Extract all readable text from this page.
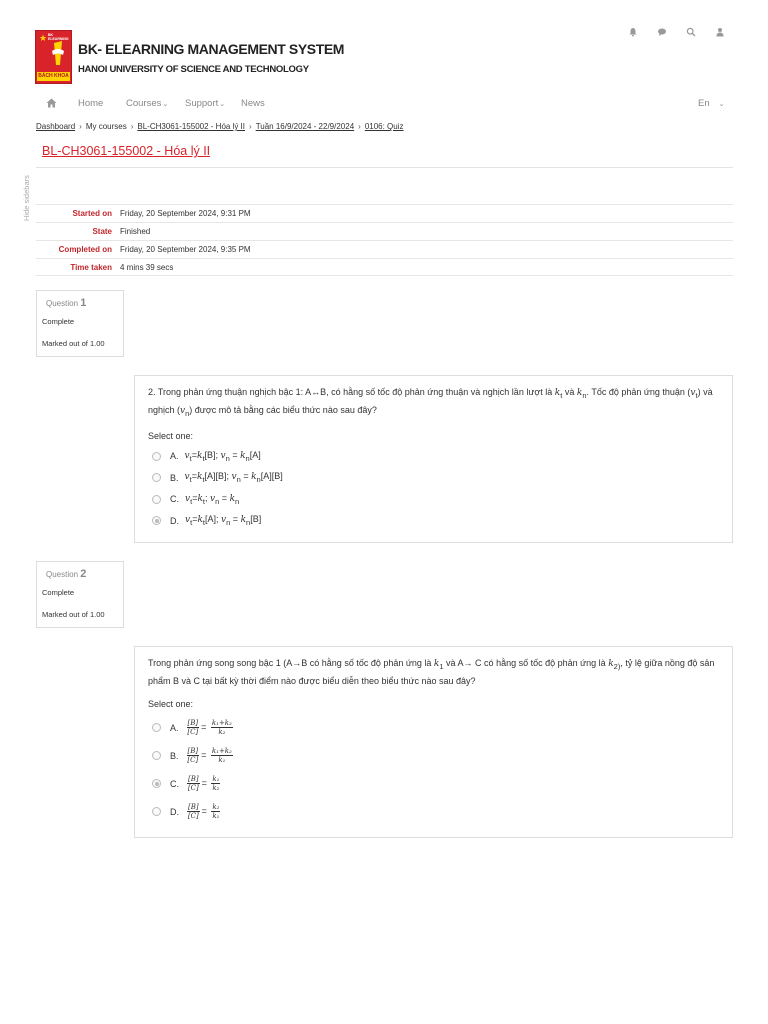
★ BK ELEARNING
BÁCH KHOA
BK- ELEARNING MANAGEMENT SYSTEM
HANOI UNIVERSITY OF SCIENCE AND TECHNOLOGY
Home Courses⌄ Support⌄ News	En ⌄
Dashboard › My courses › BL-CH3061-155002 - Hóa lý II › Tuần 16/9/2024 - 22/9/2024 › 0106: Quiz
BL-CH3061-155002 - Hóa lý II
Hide sidebars	Started on	Friday, 20 September 2024, 9:31 PM
State	Finished
Completed on	Friday, 20 September 2024, 9:35 PM
Time taken	4 mins 39 secs
Question 1
Complete
Marked out of 1.00
2. Trong phản ứng thuận nghịch bậc 1: A↔B, có hằng số tốc độ phản ứng thuận và nghịch lần lượt là $k_t$ và $k_n$. Tốc độ phản ứng thuận $(v_t)$ và nghịch $(v_n)$ được mô tả bằng các biểu thức nào sau đây?
Select one:
A. $v_t=k_t[B]$; $v_n = k_n[A]$
B. $v_t=k_t[A][B]$; $v_n = k_n[A][B]$
C. $v_t=k_t$; $v_n = k_n$
D. $v_t=k_t[A]$; $v_n = k_n[B]$
Question 2
Complete
Marked out of 1.00
Trong phản ứng song song bậc 1 (A→B có hằng số tốc độ phản ứng là $k_1$ và A→ C có hằng số tốc độ phản ứng là $k_{2)}$, tỷ lệ giữa nồng độ sản phẩm B và C tại bất kỳ thời điểm nào được biểu diễn theo biểu thức nào sau đây?
Select one:
A. $\frac{[B]}{[C]} = \frac{\text{k₁+k₂}}{\text{k₂}}$
B. $\frac{[B]}{[C]} = \frac{\text{k₁+k₂}}{\text{k₁}}$
C. $\frac{[B]}{[C]} = \frac{\text{k₁}}{\text{k₂}}$
D. $\frac{[B]}{[C]} = \frac{\text{k₂}}{\text{k₁}}$
